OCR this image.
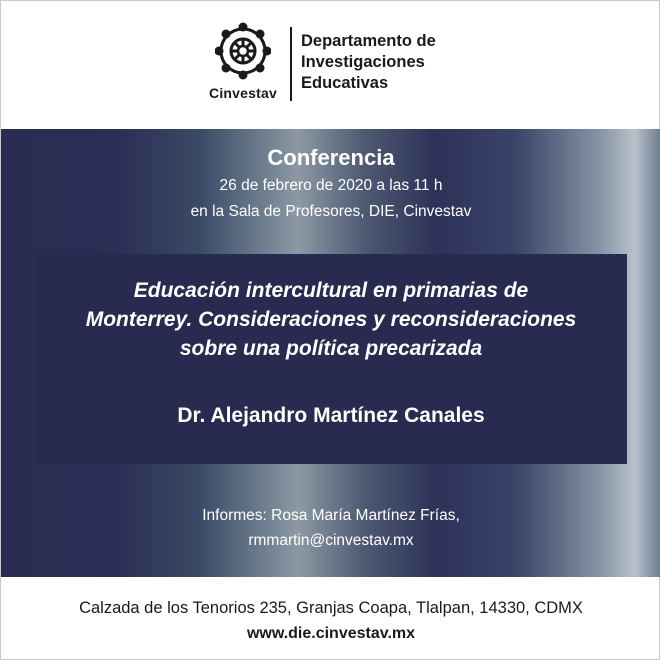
Cinvestav
Departamento de
Investigaciones
Educativas
Conferencia
26 de febrero de 2020 a las 11 h
en la Sala de Profesores, DIE, Cinvestav
Educación intercultural en primarias de
Monterrey. Consideraciones y reconsideraciones
sobre una política precarizada
Dr. Alejandro Martínez Canales
Informes: Rosa María Martínez Frías,
rmmartin@cinvestav.mx
Calzada de los Tenorios 235, Granjas Coapa, Tlalpan, 14330, CDMX
www.die.cinvestav.mx
